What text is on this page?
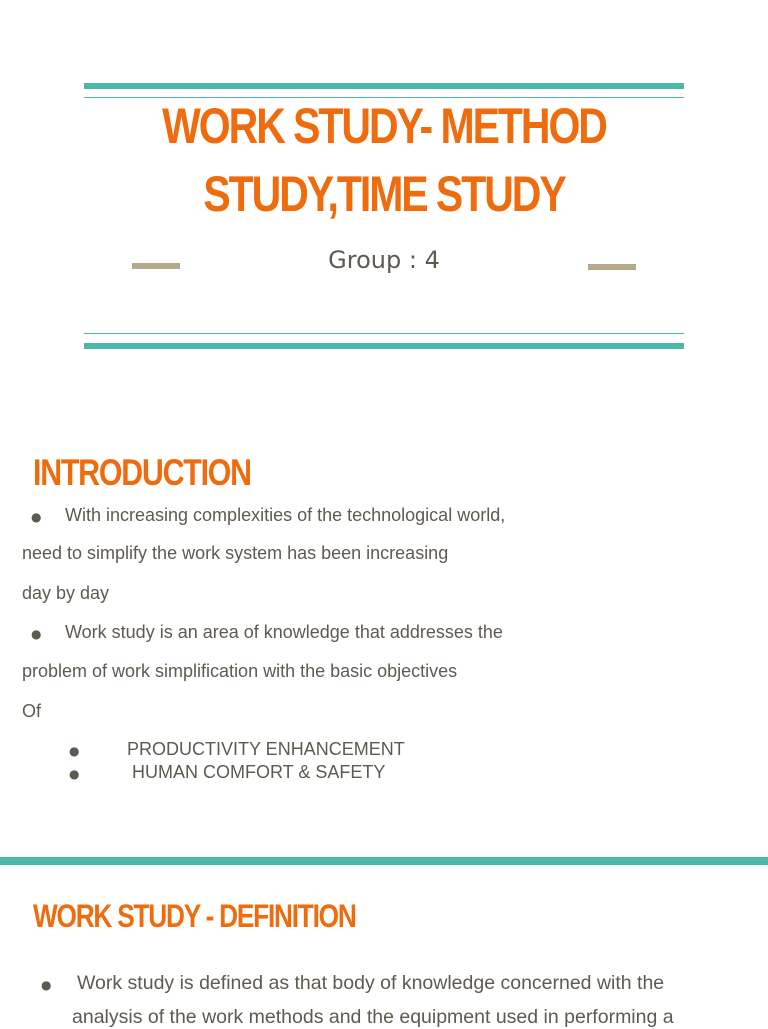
WORK STUDY- METHOD
STUDY,TIME STUDY
Group : 4
INTRODUCTION
● With increasing complexities of the technological world,
need to simplify the work system has been increasing
day by day
● Work study is an area of knowledge that addresses the
problem of work simplification with the basic objectives
Of
●	PRODUCTIVITY ENHANCEMENT
●	HUMAN COMFORT & SAFETY
WORK STUDY - DEFINITION
● Work study is defined as that body of knowledge concerned with the
analysis of the work methods and the equipment used in performing a
